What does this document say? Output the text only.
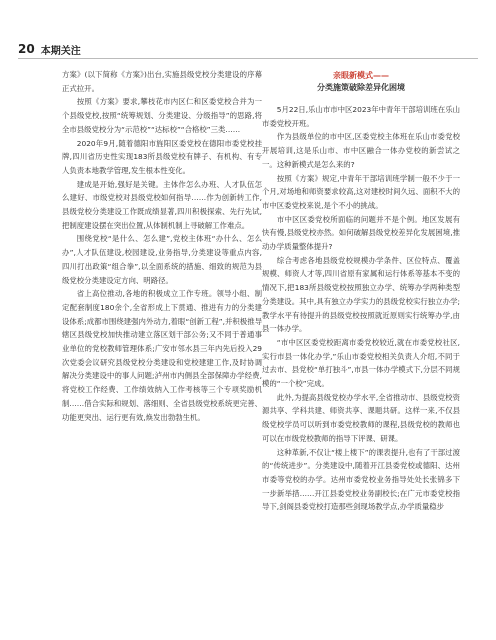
20 本期关注

方案》(以下简称《方案》)出台,实施县级党校分类建设的序幕正式拉开。

按照《方案》要求,攀枝花市内区仁和区委党校合并为一个县级党校,按照“统筹规划、分类建设、分级指导”的思路,将全市县级党校分为“示范校”“达标校”“合格校”三类……

2020年9月,随着德阳市旌阳区委党校在德阳市委党校挂牌,四川省历史性实现183所县级党校有牌子、有机构、有专人负责本地教学管理,发生根本性变化。

建成是开始,强好是关键。主体作怎么办班、人才队伍怎么建好、市级党校对县级党校如何指导……作为创新转工作,县级党校分类建设工作既成绩显著,四川积极探索、先行先试,把制度建设摆在突出位置,从体制机制上寻破解工作难点。

围绕党校“是什么、怎么建”,党校主体班“办什么、怎么办”,人才队伍建设,校园建设,业务指导,分类建设等重点内容,四川打出政策“组合拳”,以全面系统的措施、细致的规范为县级党校分类建设定方向、明路径。

省上高位推动,各地的积极成立工作专班。领导小组、制定配套制度180余个,全省形成上下贯通、推进有力的分类建设体系;成都市围绕建强内外动力,着眼“创新工程”,并积极推导辖区县级党校加快推动建立落区划干部公务;又不同于普通事业单位的党校教师管理体系;广安市邻水县三年内先后投入29次党委会议研究县级党校分类建设和党校建建工作,及时协调解决分类建设中的事人问题;泸州市内侧县全部保障办学经费,将党校工作经费、工作绩效纳入工作考核等三个专项奖励机制……借合实际和规划、落细则、全省县级党校系统更完善、功能更突出、运行更有效,焕发出勃勃生机。

亲眼新模式——
分类施策破除差异化困境

5月22日,乐山市市中区2023年中青年干部培训班在乐山市委党校开班。

作为县级单位的市中区,区委党校主体班在乐山市委党校开展培训,这是乐山市、市中区融合一体办党校的新尝试之一。这种新模式是怎么来的?

按照《方案》规定,中青年干部培训班学制一般不少于一个月,对场地和师资要求较高,这对建校时间久远、面积不大的市中区委党校来说,是个不小的挑战。

市中区区委党校所面临的问题并不是个例。地区发展有快有慢,县级党校亦然。如何破解县级党校差异化发展困境,推动办学质量整体提升?

综合考虑各地县级党校规模办学条件、区位特点、覆盖规模、师资人才等,四川省原有家属和运行体系等基本不变的情况下,把183所县级党校按照独立办学、统筹办学两种类型分类建设。其中,具有独立办学实力的县级党校实行独立办学;教学水平有待提升的县级党校按照就近原则实行统筹办学,由县一体办学。

“市中区区委党校距离市委党校较近,就在市委党校社区,实行市县一体化办学,”乐山市委党校相关负责人介绍,不同于过去市、县党校“单打独斗”,市县一体办学模式下,分层不同规模的“一个校”完成。

此外,为提高县级党校办学水平,全省推动市、县级党校资源共享、学科共建、师资共享、课题共研。这样一来,不仅县级党校学员可以听到市委党校教师的课程,县级党校的教师也可以在市级党校教师的指导下评课、研课。

这种革新,不仅让“楼上楼下”的课表提升,也有了干部过渡的“传统进步”。分类建设中,随着开江县委党校或德阳、达州市委等党校的办学。达州市委党校业务指导处处长张锦多下一步新举措……开江县委党校业务副校长;在广元市委党校指导下,剑阁县委党校打造那些剑现场教学点,办学质量稳步
